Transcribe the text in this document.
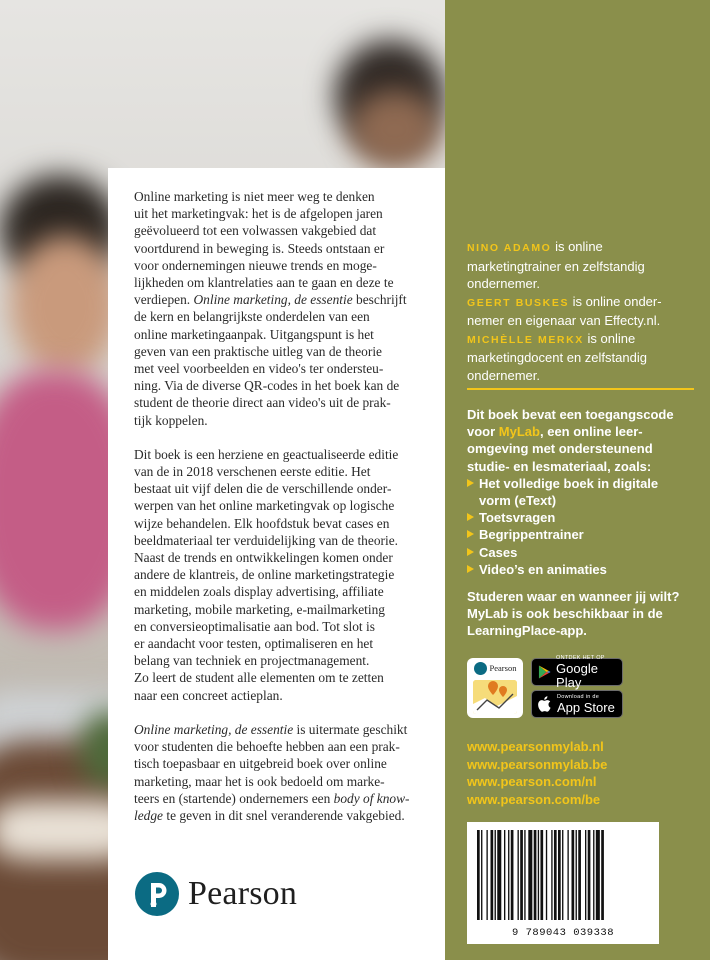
Online marketing is niet meer weg te denken
uit het marketingvak: het is de afgelopen jaren
geëvolueerd tot een volwassen vakgebied dat
voortdurend in beweging is. Steeds ontstaan er
voor ondernemingen nieuwe trends en moge-
lijkheden om klantrelaties aan te gaan en deze te
verdiepen. Online marketing, de essentie beschrijft
de kern en belangrijkste onderdelen van een
online marketingaanpak. Uitgangspunt is het
geven van een praktische uitleg van de theorie
met veel voorbeelden en video's ter ondersteu-
ning. Via de diverse QR-codes in het boek kan de
student de theorie direct aan video's uit de prak-
tijk koppelen.

Dit boek is een herziene en geactualiseerde editie
van de in 2018 verschenen eerste editie. Het
bestaat uit vijf delen die de verschillende onder-
werpen van het online marketingvak op logische
wijze behandelen. Elk hoofdstuk bevat cases en
beeldmateriaal ter verduidelijking van de theorie.
Naast de trends en ontwikkelingen komen onder
andere de klantreis, de online marketingstrategie
en middelen zoals display advertising, affiliate
marketing, mobile marketing, e-mailmarketing
en conversieoptimalisatie aan bod. Tot slot is
er aandacht voor testen, optimaliseren en het
belang van techniek en projectmanagement.
Zo leert de student alle elementen om te zetten
naar een concreet actieplan.

Online marketing, de essentie is uitermate geschikt
voor studenten die behoefte hebben aan een prak-
tisch toepasbaar en uitgebreid boek over online
marketing, maar het is ook bedoeld om marke-
teers en (startende) ondernemers een body of know-
ledge te geven in dit snel veranderende vakgebied.

Pearson
NINO ADAMO is online
marketingtrainer en zelfstandig
ondernemer.
GEERT BUSKES is online onder-
nemer en eigenaar van Effecty.nl.
MICHÈLLE MERKX is online
marketingdocent en zelfstandig
ondernemer.
Dit boek bevat een toegangscode
voor MyLab, een online leer-
omgeving met ondersteunend
studie- en lesmateriaal, zoals:
Het volledige boek in digitale
vorm (eText)
Toetsvragen
Begrippentrainer
Cases
Video’s en animaties
Studeren waar en wanneer jij wilt?
MyLab is ook beschikbaar in de
LearningPlace-app.
Pearson
ONTDEK HET OP
Google Play
Download in de
App Store
www.pearsonmylab.nl
www.pearsonmylab.be
www.pearson.com/nl
www.pearson.com/be
9 789043 039338
